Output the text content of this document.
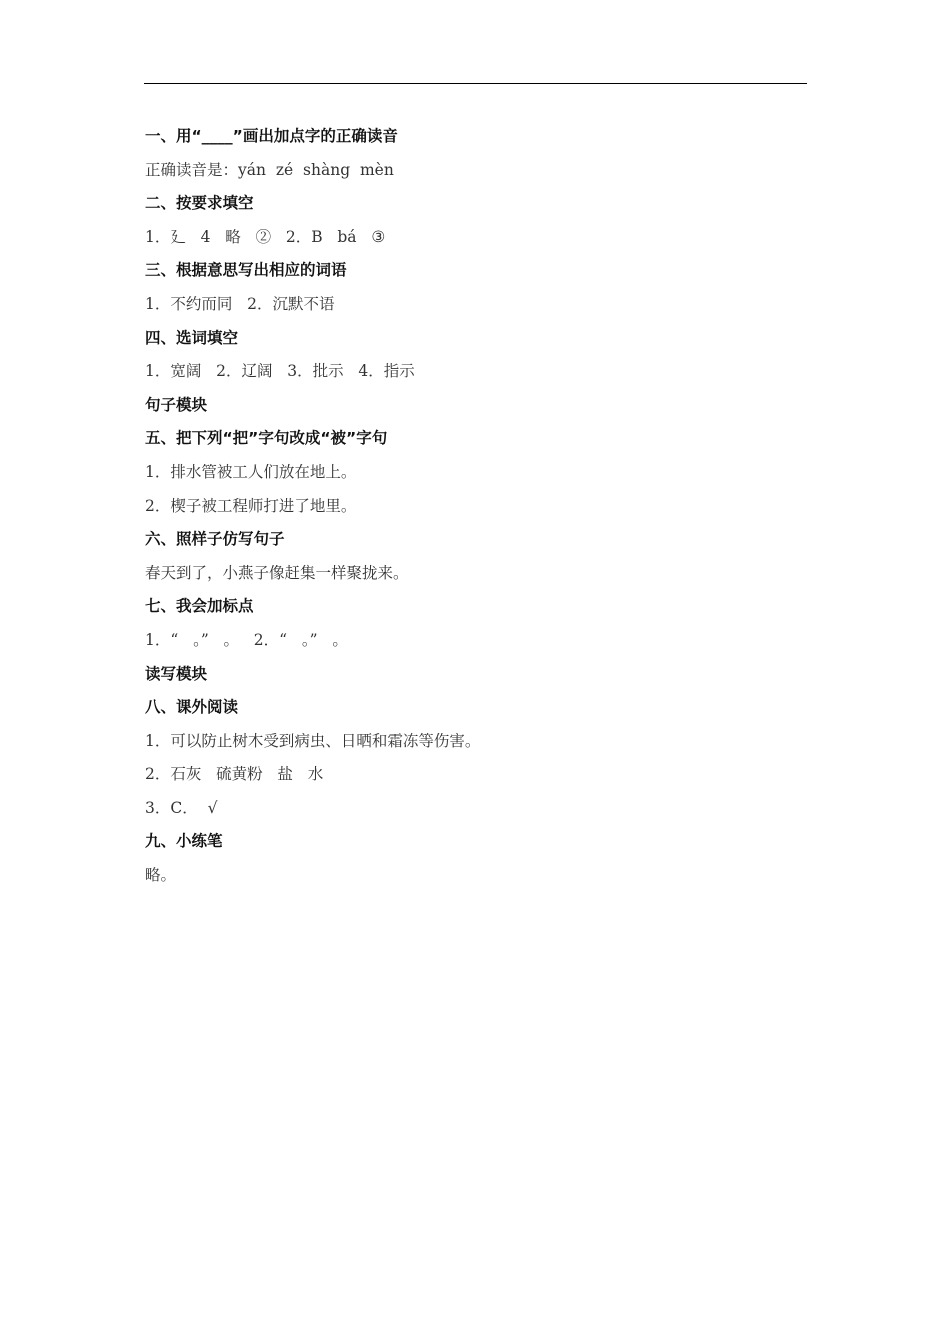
一、用“____”画出加点字的正确读音
正确读音是：yán  zé  shàng  mèn
二、按要求填空
1．廴   4   略   ②   2．B   bá   ③
三、根据意思写出相应的词语
1．不约而同   2．沉默不语
四、选词填空
1．宽阔   2．辽阔   3．批示   4．指示
句子模块
五、把下列“把”字句改成“被”字句
1．排水管被工人们放在地上。
2．楔子被工程师打进了地里。
六、照样子仿写句子
春天到了，小燕子像赶集一样聚拢来。
七、我会加标点
1．“   。”   。   2．“   。”   。
读写模块
八、课外阅读
1．可以防止树木受到病虫、日晒和霜冻等伤害。
2．石灰   硫黄粉   盐   水
3．C．  √
九、小练笔
略。
